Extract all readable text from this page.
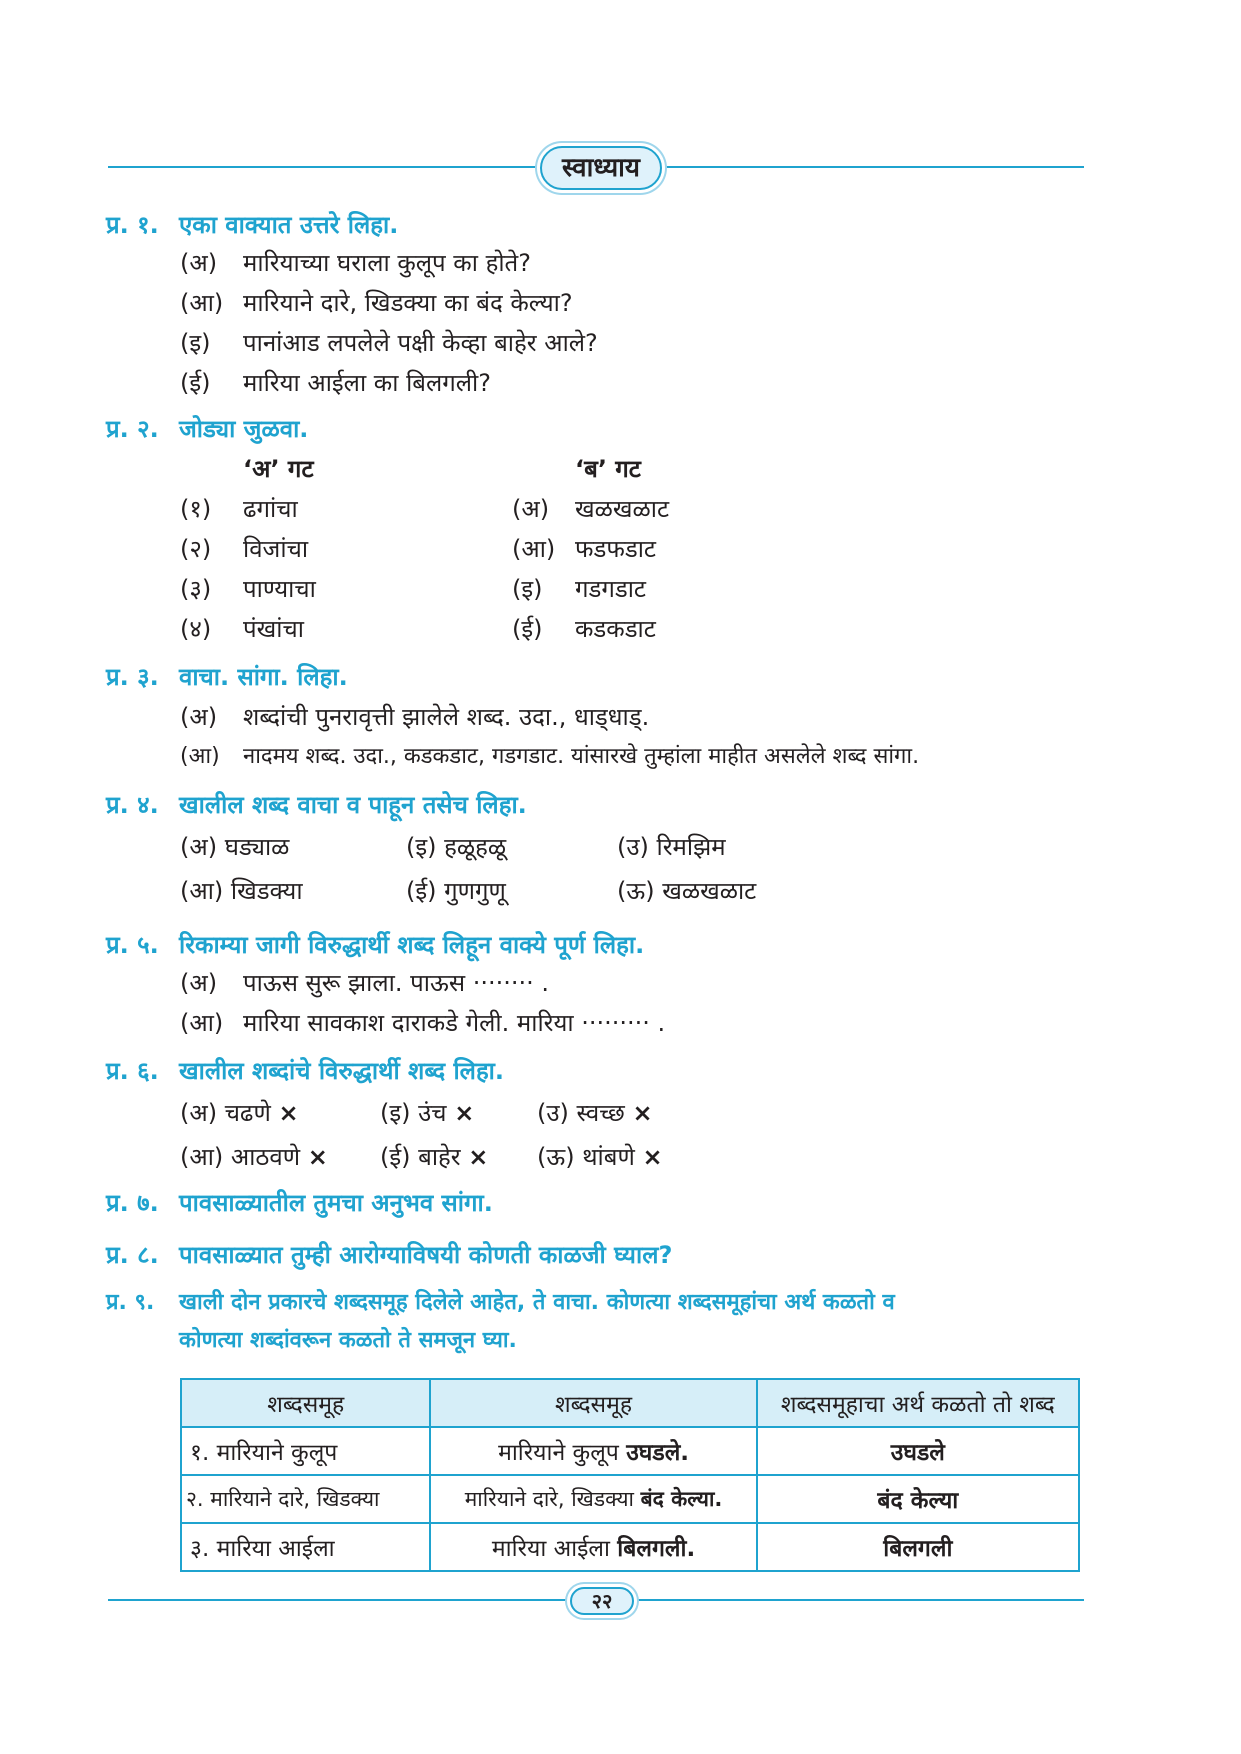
स्वाध्याय
प्र. १. एका वाक्यात उत्तरे लिहा.
(अ) मारियाच्या घराला कुलूप का होते?
(आ) मारियाने दारे, खिडक्या का बंद केल्या?
(इ) पानांआड लपलेले पक्षी केव्हा बाहेर आले?
(ई) मारिया आईला का बिलगली?
प्र. २. जोड्या जुळवा.
‘अ’ गट	‘ब’ गट
(१) ढगांचा	(अ) खळखळाट
(२) विजांचा	(आ) फडफडाट
(३) पाण्याचा	(इ) गडगडाट
(४) पंखांचा	(ई) कडकडाट
प्र. ३. वाचा. सांगा. लिहा.
(अ) शब्दांची पुनरावृत्ती झालेले शब्द. उदा., धाड्धाड्.
(आ) नादमय शब्द. उदा., कडकडाट, गडगडाट. यांसारखे तुम्हांला माहीत असलेले शब्द सांगा.
प्र. ४. खालील शब्द वाचा व पाहून तसेच लिहा.
(अ) घड्याळ	(इ) हळूहळू	(उ) रिमझिम
(आ) खिडक्या	(ई) गुणगुणू	(ऊ) खळखळाट
प्र. ५. रिकाम्या जागी विरुद्धार्थी शब्द लिहून वाक्ये पूर्ण लिहा.
(अ) पाऊस सुरू झाला. पाऊस ········ .
(आ) मारिया सावकाश दाराकडे गेली. मारिया ········· .
प्र. ६. खालील शब्दांचे विरुद्धार्थी शब्द लिहा.
(अ) चढणे ×	(इ) उंच ×	(उ) स्वच्छ ×
(आ) आठवणे × (ई) बाहेर × (ऊ) थांबणे ×
प्र. ७. पावसाळ्यातील तुमचा अनुभव सांगा.
प्र. ८. पावसाळ्यात तुम्ही आरोग्याविषयी कोणती काळजी घ्याल?
प्र. ९. खाली दोन प्रकारचे शब्दसमूह दिलेले आहेत, ते वाचा. कोणत्या शब्दसमूहांचा अर्थ कळतो व
कोणत्या शब्दांवरून कळतो ते समजून घ्या.
शब्दसमूह	शब्दसमूह	शब्दसमूहाचा अर्थ कळतो तो शब्द
१. मारियाने कुलूप	मारियाने कुलूप उघडले.	उघडले
२. मारियाने दारे, खिडक्या	मारियाने दारे, खिडक्या बंद केल्या.	बंद केल्या
३. मारिया आईला	मारिया आईला बिलगली.	बिलगली
२२
